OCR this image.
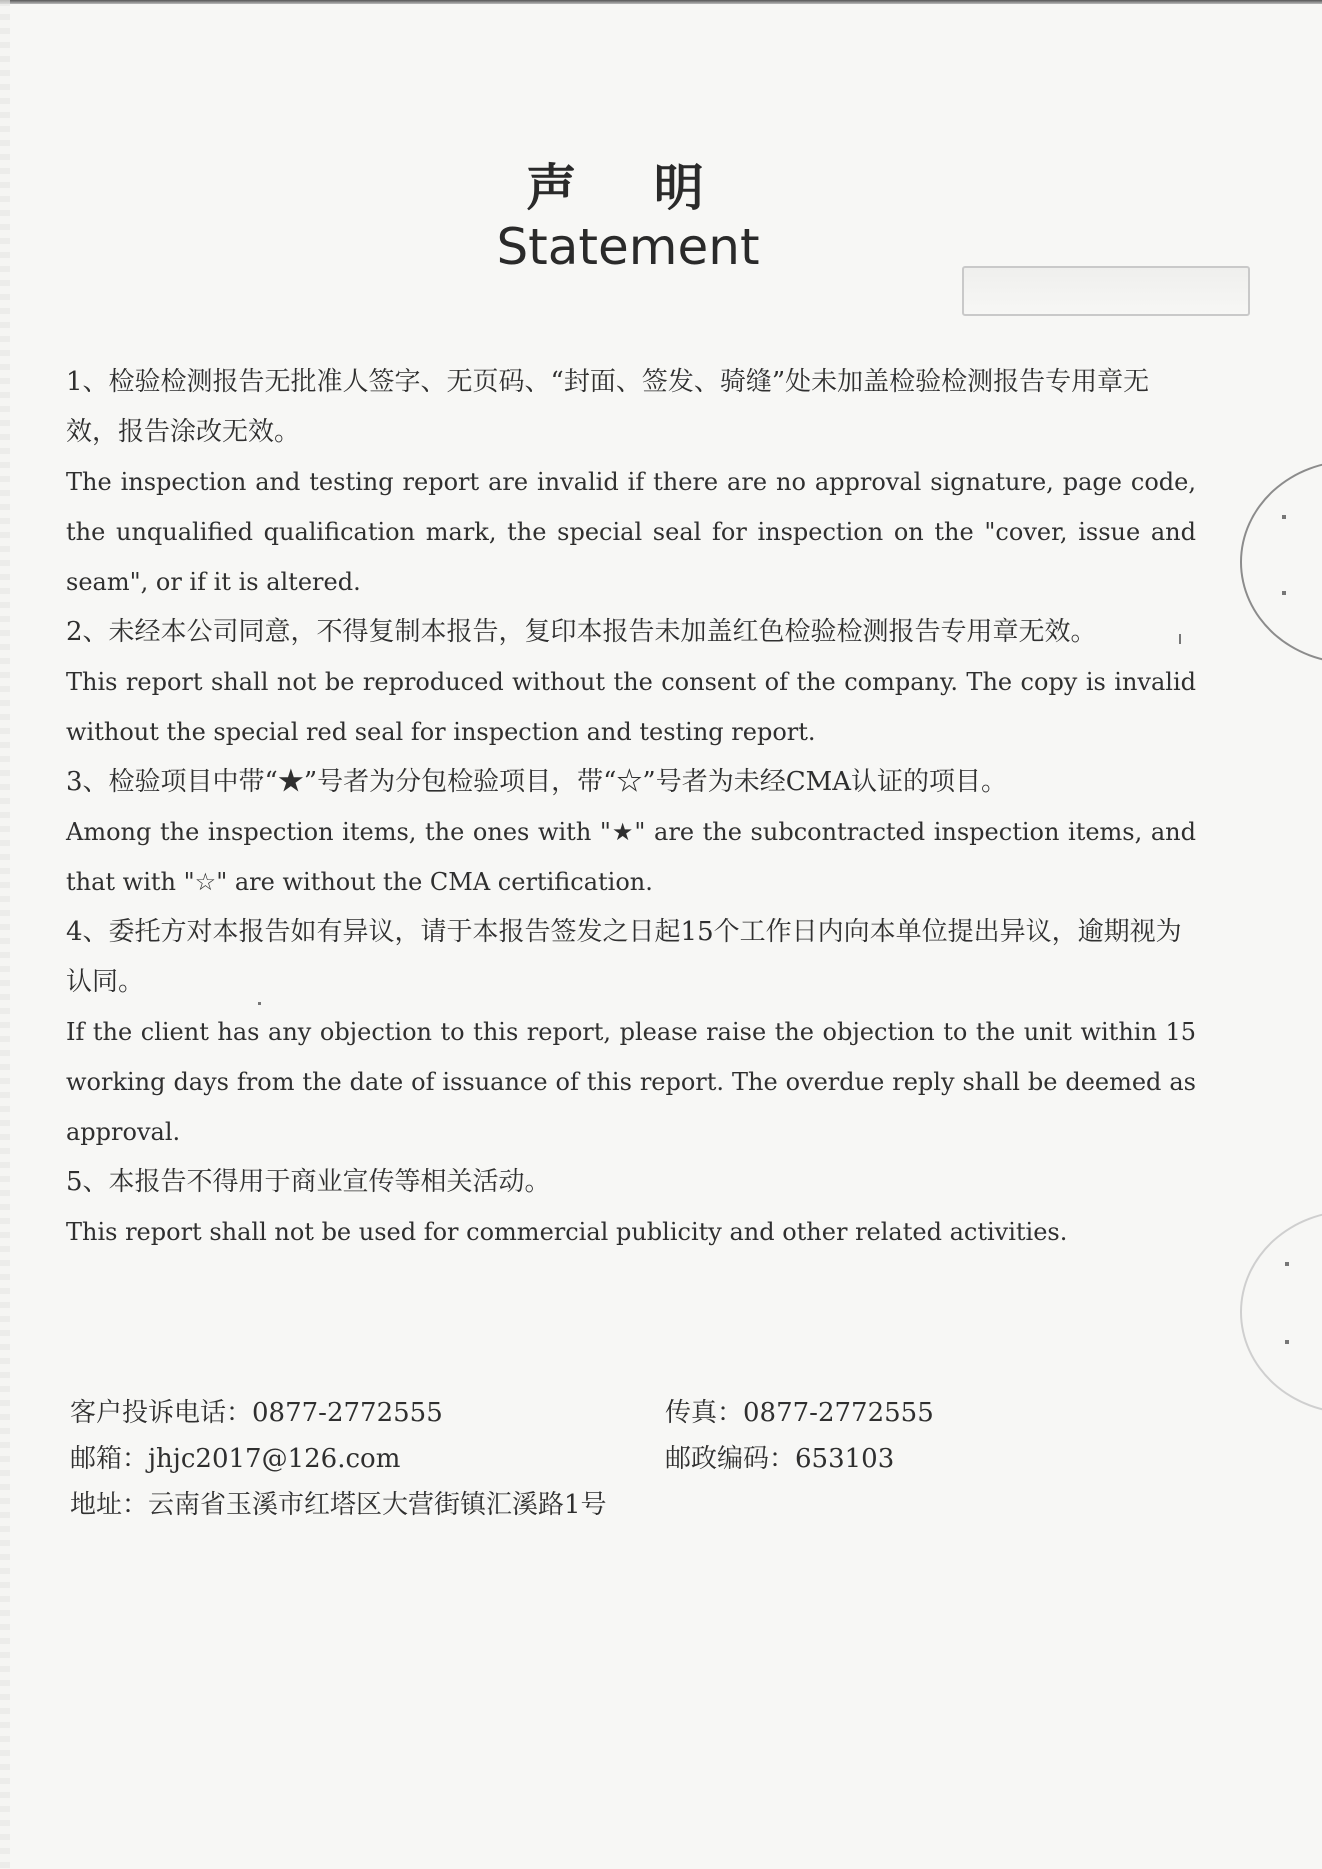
声 明
Statement

1、检验检测报告无批准人签字、无页码、“封面、签发、骑缝”处未加盖检验检测报告专用章无效，报告涂改无效。

The inspection and testing report are invalid if there are no approval signature, page code, the unqualified qualification mark, the special seal for inspection on the "cover, issue and seam", or if it is altered.

2、未经本公司同意，不得复制本报告，复印本报告未加盖红色检验检测报告专用章无效。

This report shall not be reproduced without the consent of the company. The copy is invalid without the special red seal for inspection and testing report.

3、检验项目中带“★”号者为分包检验项目，带“☆”号者为未经CMA认证的项目。

Among the inspection items, the ones with "★" are the subcontracted inspection items, and that with "☆" are without the CMA certification.

4、委托方对本报告如有异议，请于本报告签发之日起15个工作日内向本单位提出异议，逾期视为认同。

If the client has any objection to this report, please raise the objection to the unit within 15 working days from the date of issuance of this report. The overdue reply shall be deemed as approval.

5、本报告不得用于商业宣传等相关活动。

This report shall not be used for commercial publicity and other related activities.

客户投诉电话：0877-2772555
邮箱：jhjc2017@126.com
地址：云南省玉溪市红塔区大营街镇汇溪路1号
传真：0877-2772555
邮政编码：653103
